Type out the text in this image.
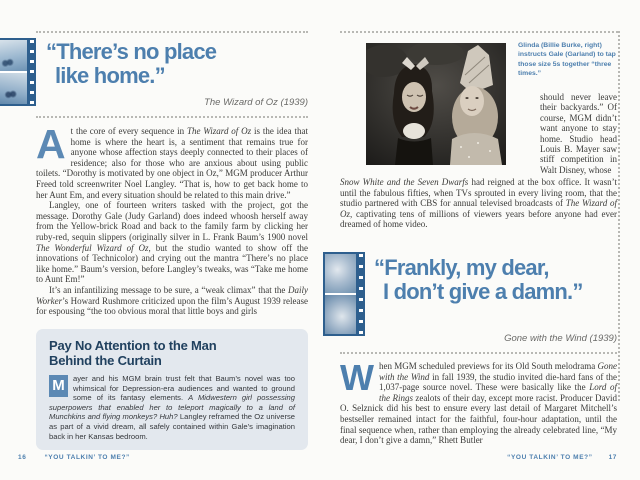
“There’s no place
like home.”
The Wizard of Oz (1939)

At the core of every sequence in The Wizard of Oz is the idea that home is where the heart is, a sentiment that remains true for anyone whose affection stays deeply connected to their places of residence; also for those who are anxious about using public toilets. “Dorothy is motivated by one object in Oz,” MGM producer Arthur Freed told screenwriter Noel Langley. “That is, how to get back home to her Aunt Em, and every situation should be related to this main drive.”

Langley, one of fourteen writers tasked with the project, got the message. Dorothy Gale (Judy Garland) does indeed whoosh herself away from the Yellow-brick Road and back to the family farm by clicking her ruby-red, sequin slippers (originally silver in L. Frank Baum’s 1900 novel The Wonderful Wizard of Oz, but the studio wanted to show off the innovations of Technicolor) and crying out the mantra “There’s no place like home.” Baum’s version, before Langley’s tweaks, was “Take me home to Aunt Em!”

It’s an infantilizing message to be sure, a “weak climax” that the Daily Worker’s Howard Rushmore criticized upon the film’s August 1939 release for espousing “the too obvious moral that little boys and girls

Pay No Attention to the Man
Behind the Curtain
M	ayer and his MGM brain trust felt that Baum’s novel was too whimsical for Depression-era audiences and wanted to ground some of its fantasy elements. A Midwestern girl possessing superpowers that enabled her to teleport magically to a land of Munchkins and flying monkeys? Huh? Langley reframed the Oz universe as part of a vivid dream, all safely contained within Gale’s imagination back in her Kansas bedroom.
16	“YOU TALKIN’ TO ME?”
Glinda (Billie Burke, right) instructs Gale (Garland) to tap those size 5s together “three times.”
should never leave their backyards.” Of course, MGM didn’t want anyone to stay home. Studio head Louis B. Mayer saw stiff competition in Walt Disney, whose
Snow White and the Seven Dwarfs had reigned at the box office. It wasn’t until the fabulous fifties, when TVs sprouted in every living room, that the studio partnered with CBS for annual televised broadcasts of The Wizard of Oz, captivating tens of millions of viewers years before anyone had ever dreamed of home video.
“Frankly, my dear,
I don’t give a damn.”
Gone with the Wind (1939)

When MGM scheduled previews for its Old South melodrama Gone with the Wind in fall 1939, the studio invited die-hard fans of the 1,037-page source novel. These were basically like the Lord of the Rings zealots of their day, except more racist. Producer David O. Selznick did his best to ensure every last detail of Margaret Mitchell’s bestseller remained intact for the faithful, four-hour adaptation, until the final sequence when, rather than employing the already celebrated line, “My dear, I don’t give a damn,” Rhett Butler

“YOU TALKIN’ TO ME?” 17
